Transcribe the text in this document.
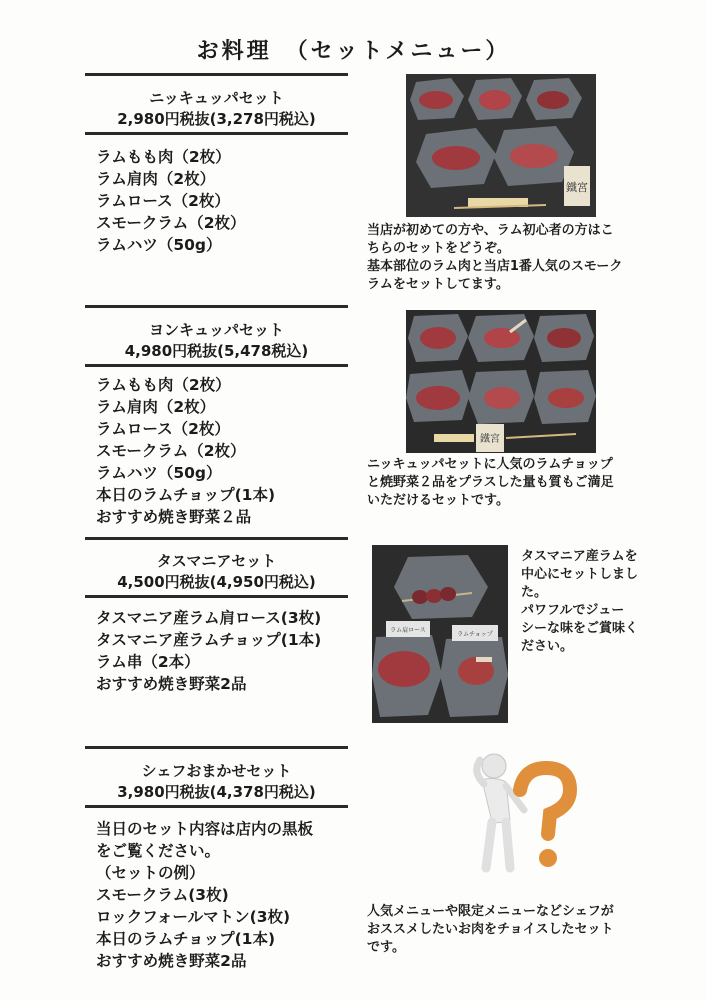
お料理　（セットメニュー）
ニッキュッパセット
2,980円税抜(3,278円税込)
ラムもも肉（2枚）
ラム肩肉（2枚）
ラムロース（2枚）
スモークラム（2枚）
ラムハツ（50g）
鐵宮
当店が初めての方や、ラム初心者の方はこ
ちらのセットをどうぞ。
基本部位のラム肉と当店1番人気のスモーク
ラムをセットしてます。
ヨンキュッパセット
4,980円税抜(5,478税込)
ラムもも肉（2枚）
ラム肩肉（2枚）
ラムロース（2枚）
スモークラム（2枚）
ラムハツ（50g）
本日のラムチョップ(1本)
おすすめ焼き野菜２品
鐵宮
ニッキュッパセットに人気のラムチョップ
と焼野菜２品をプラスした量も質もご満足
いただけるセットです。
タスマニアセット
4,500円税抜(4,950円税込)
タスマニア産ラム肩ロース(3枚)
タスマニア産ラムチョップ(1本)
ラム串（2本）
おすすめ焼き野菜2品
ラム肩ロース
ラムチョップ
タスマニア産ラムを
中心にセットしまし
た。
パワフルでジュー
シーな味をご賞味く
ださい。
シェフおまかせセット
3,980円税抜(4,378円税込)
当日のセット内容は店内の黒板
をご覧ください。
（セットの例）
スモークラム(3枚)
ロックフォールマトン(3枚)
本日のラムチョップ(1本)
おすすめ焼き野菜2品
人気メニューや限定メニューなどシェフが
おススメしたいお肉をチョイスしたセット
です。
